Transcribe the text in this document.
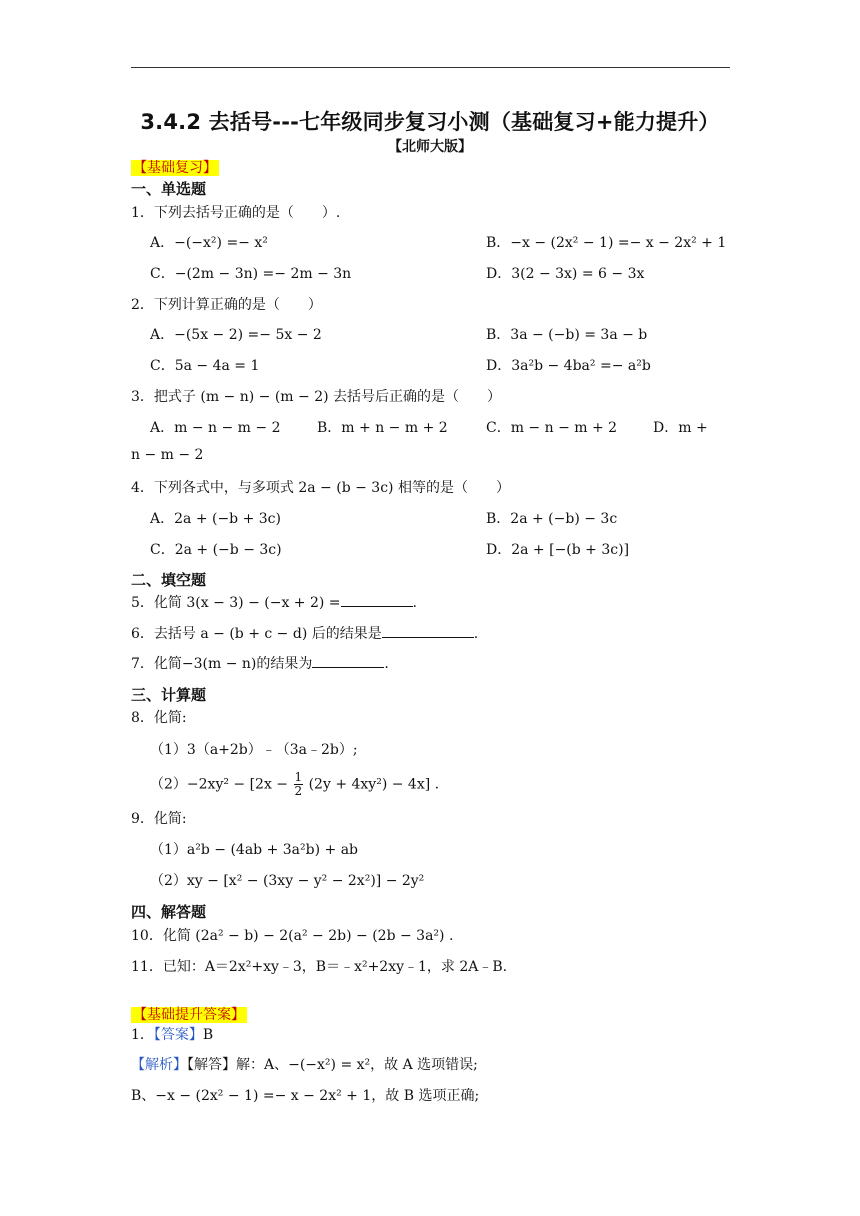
3.4.2 去括号---七年级同步复习小测（基础复习+能力提升）
【北师大版】
【基础复习】
一、单选题
1．下列去括号正确的是（　　）.
A．−(−x²) =− x²	B．−x − (2x² − 1) =− x − 2x² + 1
C．−(2m − 3n) =− 2m − 3n	D．3(2 − 3x) = 6 − 3x
2．下列计算正确的是（　　）
A．−(5x − 2) =− 5x − 2	B．3a − (−b) = 3a − b
C．5a − 4a = 1	D．3a²b − 4ba² =− a²b
3．把式子 (m − n) − (m − 2) 去括号后正确的是（　　）
A．m − n − m − 2	B．m + n − m + 2	C．m − n − m + 2	D．m +
n − m − 2
4．下列各式中，与多项式 2a − (b − 3c) 相等的是（　　）
A．2a + (−b + 3c)	B．2a + (−b) − 3c
C．2a + (−b − 3c)	D．2a + [−(b + 3c)]
二、填空题
5．化简 3(x − 3) − (−x + 2) =	.
6．去括号 a − (b + c − d) 后的结果是	.
7．化简−3(m − n)的结果为	.
三、计算题
8．化简:
（1）3（a+2b）﹣（3a﹣2b）;
$(2)-2xy^2 - [2x - \frac{1}{2} (2y + 4xy^2) - 4x]$ .
9．化简:
（1）a²b − (4ab + 3a²b) + ab
（2）xy − [x² − (3xy − y² − 2x²)] − 2y²
四、解答题
10．化简 (2a² − b) − 2(a² − 2b) − (2b − 3a²) .
11．已知：A＝2x²+xy﹣3，B＝﹣x²+2xy﹣1，求 2A﹣B.
【基础提升答案】
1．【答案】B
【解析】【解答】解：A、−(−x²) = x²，故 A 选项错误;
B、−x − (2x² − 1) =− x − 2x² + 1，故 B 选项正确;
